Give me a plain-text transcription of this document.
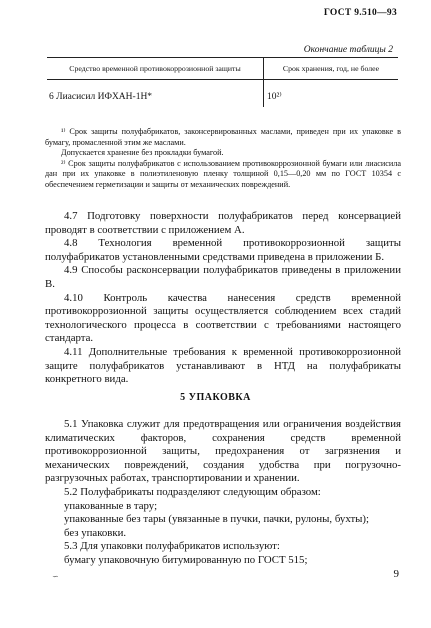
ГОСТ 9.510—93
Окончание таблицы 2
Средство временной противокоррозионной защиты	Срок хранения, год, не более
6 Лиасисил ИФХАН-1Н*	10²⁾

¹⁾ Срок защиты полуфабрикатов, законсервированных маслами, приведен при их упаковке в бумагу, промасленной этим же маслами.

Допускается хранение без прокладки бумагой.

²⁾ Срок защиты полуфабрикатов с использованием противокоррозионной бумаги или лиасисила дан при их упаковке в полиэтиленовую пленку толщиной 0,15—0,20 мм по ГОСТ 10354 с обеспечением герметизации и защиты от механических повреждений.

4.7 Подготовку поверхности полуфабрикатов перед консервацией проводят в соответствии с приложением А.

4.8 Технология временной противокоррозионной защиты полуфабрикатов установленными средствами приведена в приложении Б.

4.9 Способы расконсервации полуфабрикатов приведены в приложении В.

4.10 Контроль качества нанесения средств временной противокоррозионной защиты осуществляется соблюдением всех стадий технологического процесса в соответствии с требованиями настоящего стандарта.

4.11 Дополнительные требования к временной противокоррозионной защите полуфабрикатов устанавливают в НТД на полуфабрикаты конкретного вида.

5 УПАКОВКА

5.1 Упаковка служит для предотвращения или ограничения воздействия климатических факторов, сохранения средств временной противокоррозионной защиты, предохранения от загрязнения и механических повреждений, создания удобства при погрузочно-разгрузочных работах, транспортировании и хранении.

5.2 Полуфабрикаты подразделяют следующим образом:

упакованные в тару;

упакованные без тары (увязанные в пучки, пачки, рулоны, бухты);

без упаковки.

5.3 Для упаковки полуфабрикатов используют:

бумагу упаковочную битумированную по ГОСТ 515;

∽	9
